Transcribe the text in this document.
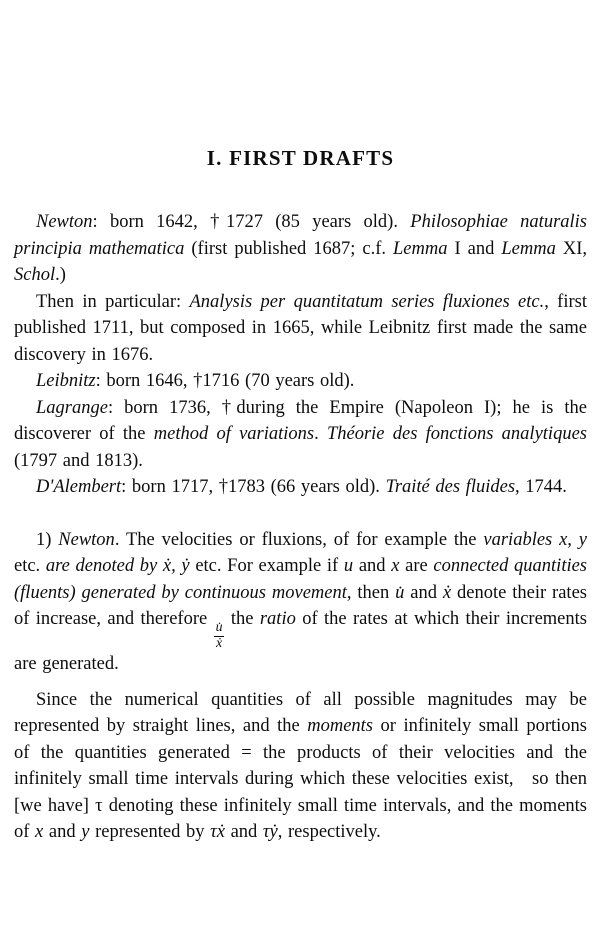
I. FIRST DRAFTS

Newton: born 1642, †1727 (85 years old). Philosophiae naturalis principia mathematica (first published 1687; c.f. Lemma I and Lemma XI, Schol.)

Then in particular: Analysis per quantitatum series fluxiones etc., first published 1711, but composed in 1665, while Leibnitz first made the same discovery in 1676.

Leibnitz: born 1646, †1716 (70 years old).

Lagrange: born 1736, †during the Empire (Napoleon I); he is the discoverer of the method of variations. Théorie des fonctions analytiques (1797 and 1813).

D'Alembert: born 1717, †1783 (66 years old). Traité des fluides, 1744.

1) Newton. The velocities or fluxions, of for example the variables x, y etc. are denoted by ẋ, ẏ etc. For example if u and x are connected quantities (fluents) generated by continuous movement, then u̇ and ẋ denote their rates of increase, and therefore
$\frac{u̇}{\text{ẋ}}$
the ratio of the rates at which their increments are generated.

Since the numerical quantities of all possible magnitudes may be represented by straight lines, and the moments or infinitely small portions of the quantities generated = the products of their velocities and the infinitely small time intervals during which these velocities exist, so then [we have] τ denoting these infinitely small time intervals, and the moments of x and y represented by τẋ and τẏ, respectively.
